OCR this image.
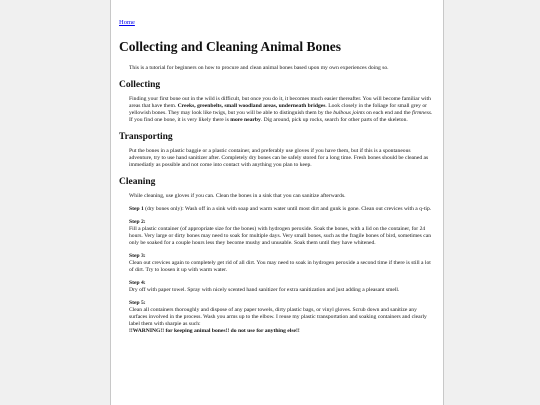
Home
Collecting and Cleaning Animal Bones

This is a tutorial for beginners on how to procure and clean animal bones based upon my own experiences doing so.

Collecting

Finding your first bone out in the wild is difficult, but once you do it, it becomes much easier thereafter. You will become familiar with areas that have them. Creeks, greenbelts, small woodland areas, underneath bridges. Look closely in the foliage for small grey or yellowish bones. They may look like twigs, but you will be able to distinguish them by the bulbous joints on each end and the firmness. If you find one bone, it is very likely there is more nearby. Dig around, pick up rocks, search for other parts of the skeleton.

Transporting

Put the bones in a plastic baggie or a plastic container, and preferably use gloves if you have them, but if this is a spontaneous adventure, try to use hand sanitizer after. Completely dry bones can be safely stored for a long time. Fresh bones should be cleaned as immediatly as possible and not come into contact with anything you plan to keep.

Cleaning

While cleaning, use gloves if you can. Clean the bones in a sink that you can sanitize afterwards.

Step 1 (dry bones only): Wash off in a sink with soap and warm water until most dirt and gunk is gone. Clean out crevices with a q-tip.

Step 2:
Fill a plastic container (of appropriate size for the bones) with hydrogen peroxide. Soak the bones, with a lid on the container, for 24 hours. Very large or dirty bones may need to soak for multiple days. Very small bones, such as the fragile bones of bird, sometimes can only be soaked for a couple hours less they become mushy and unusable. Soak them until they have whitened.

Step 3:
Clean out crevices again to completely get rid of all dirt. You may need to soak in hydrogen peroxide a second time if there is still a lot of dirt. Try to loosen it up with warm water.

Step 4:
Dry off with paper towel. Spray with nicely scented hand sanitizer for extra sanitization and just adding a pleasant smell.

Step 5:
Clean all containers thoroughly and dispose of any paper towels, dirty plastic bags, or vinyl gloves. Scrub down and sanitize any surfaces involved in the process. Wash you arms up to the elbow. I reuse my plastic transportation and soaking containers and clearly label them with sharpie as such:
!!WARNING!! for keeping animal bones!! do not use for anything else!!
